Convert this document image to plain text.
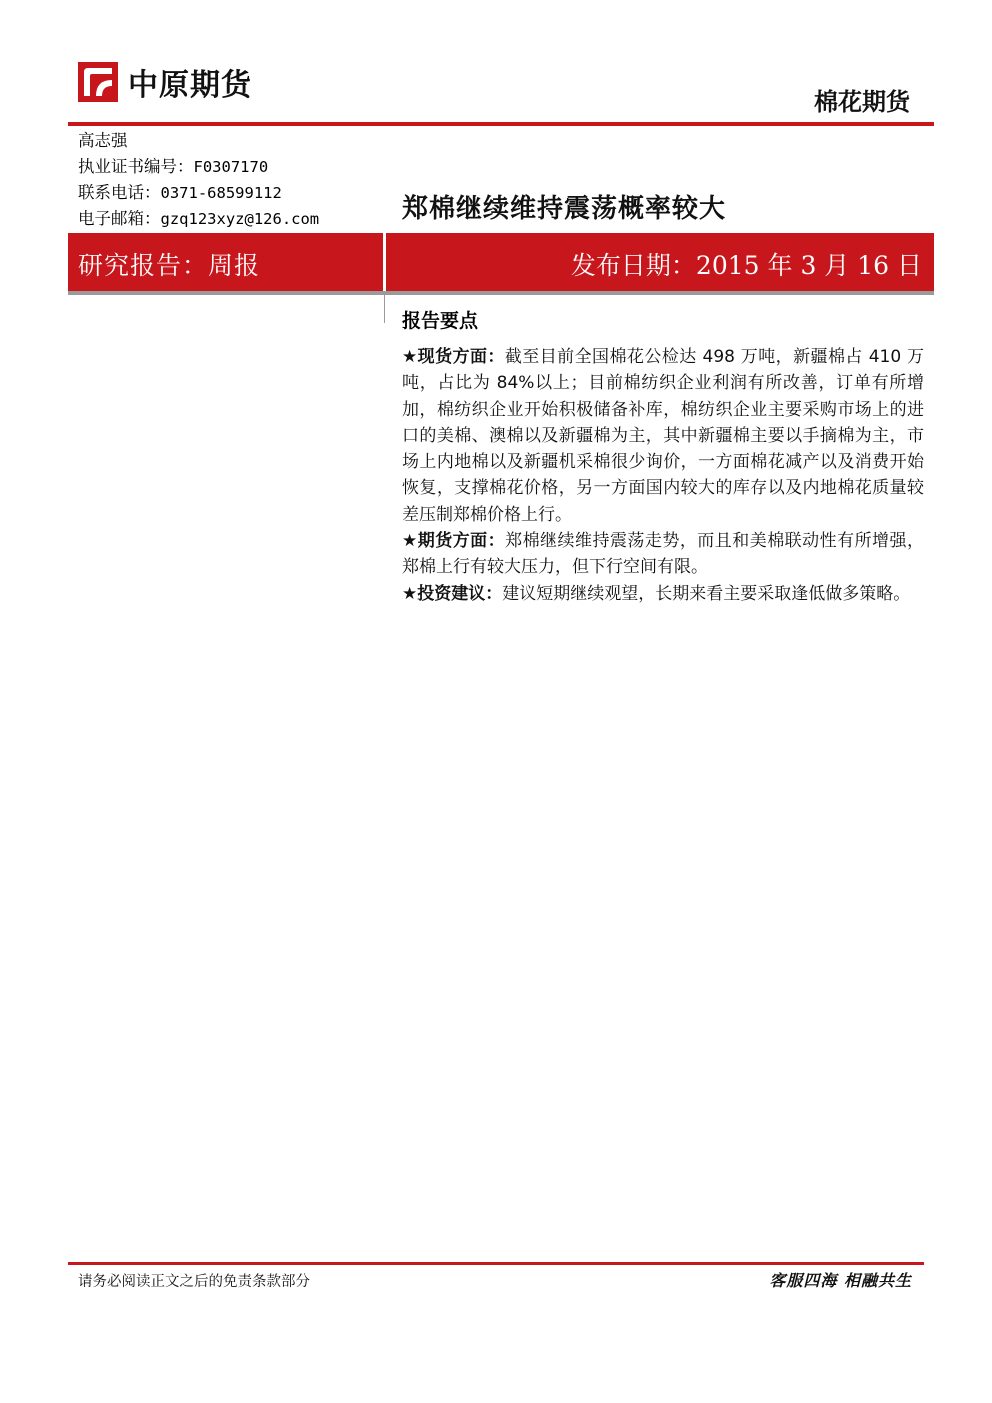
中原期货	棉花期货
高志强
执业证书编号：F0307170
联系电话：0371-68599112
电子邮箱：gzq123xyz@126.com	郑棉继续维持震荡概率较大
研究报告：周报	发布日期：2015 年 3 月 16 日
报告要点

★现货方面：截至目前全国棉花公检达 498 万吨，新疆棉占 410 万吨，占比为 84%以上；目前棉纺织企业利润有所改善，订单有所增加，棉纺织企业开始积极储备补库，棉纺织企业主要采购市场上的进口的美棉、澳棉以及新疆棉为主，其中新疆棉主要以手摘棉为主，市场上内地棉以及新疆机采棉很少询价，一方面棉花减产以及消费开始恢复，支撑棉花价格，另一方面国内较大的库存以及内地棉花质量较差压制郑棉价格上行。

★期货方面：郑棉继续维持震荡走势，而且和美棉联动性有所增强，郑棉上行有较大压力，但下行空间有限。

★投资建议：建议短期继续观望，长期来看主要采取逢低做多策略。

请务必阅读正文之后的免责条款部分	客服四海 相融共生
